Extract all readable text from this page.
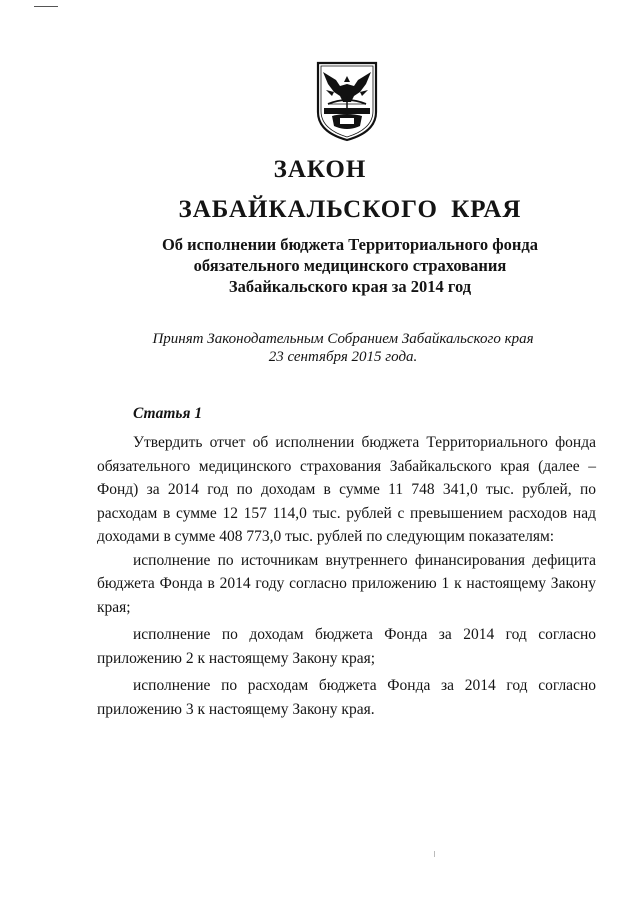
ЗАКОН
ЗАБАЙКАЛЬСКОГО КРАЯ
Об исполнении бюджета Территориального фонда
обязательного медицинского страхования
Забайкальского края за 2014 год
Принят Законодательным Собранием Забайкальского края
23 сентября 2015 года.
Статья 1

Утвердить отчет об исполнении бюджета Территориального фонда обязательного медицинского страхования Забайкальского края (далее – Фонд) за 2014 год по доходам в сумме 11 748 341,0 тыс. рублей, по расходам в сумме 12 157 114,0 тыс. рублей с превышением расходов над доходами в сумме 408 773,0 тыс. рублей по следующим показателям:

исполнение по источникам внутреннего финансирования дефицита бюджета Фонда в 2014 году согласно приложению 1 к настоящему Закону края;

исполнение по доходам бюджета Фонда за 2014 год согласно приложению 2 к настоящему Закону края;

исполнение по расходам бюджета Фонда за 2014 год согласно приложению 3 к настоящему Закону края.
